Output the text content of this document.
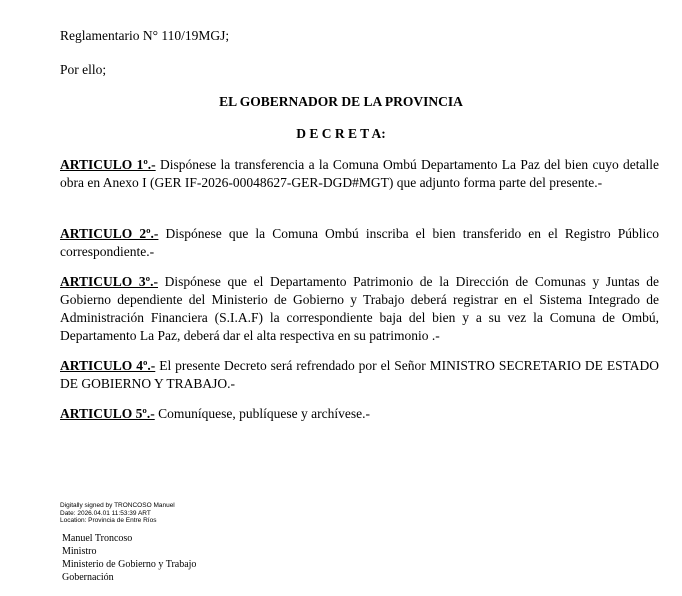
Reglamentario N° 110/19MGJ;
Por ello;
EL GOBERNADOR DE LA PROVINCIA
D E C R E T A:
ARTICULO 1º.- Dispónese la transferencia a la Comuna Ombú Departamento La Paz del bien cuyo detalle obra en Anexo I (GER IF-2026-00048627-GER-DGD#MGT) que adjunto forma parte del presente.-
ARTICULO 2º.- Dispónese que la Comuna Ombú inscriba el bien transferido en el Registro Público correspondiente.-
ARTICULO 3º.- Dispónese que el Departamento Patrimonio de la Dirección de Comunas y Juntas de Gobierno dependiente del Ministerio de Gobierno y Trabajo deberá registrar en el Sistema Integrado de Administración Financiera (S.I.A.F) la correspondiente baja del bien y a su vez la Comuna de Ombú, Departamento La Paz, deberá dar el alta respectiva en su patrimonio .-
ARTICULO 4º.- El presente Decreto será refrendado por el Señor MINISTRO SECRETARIO DE ESTADO DE GOBIERNO Y TRABAJO.-
ARTICULO 5º.- Comuníquese, publíquese y archívese.-
Digitally signed by TRONCOSO Manuel
Date: 2026.04.01 11:53:39 ART
Location: Provincia de Entre Ríos
Manuel Troncoso
Ministro
Ministerio de Gobierno y Trabajo
Gobernación
